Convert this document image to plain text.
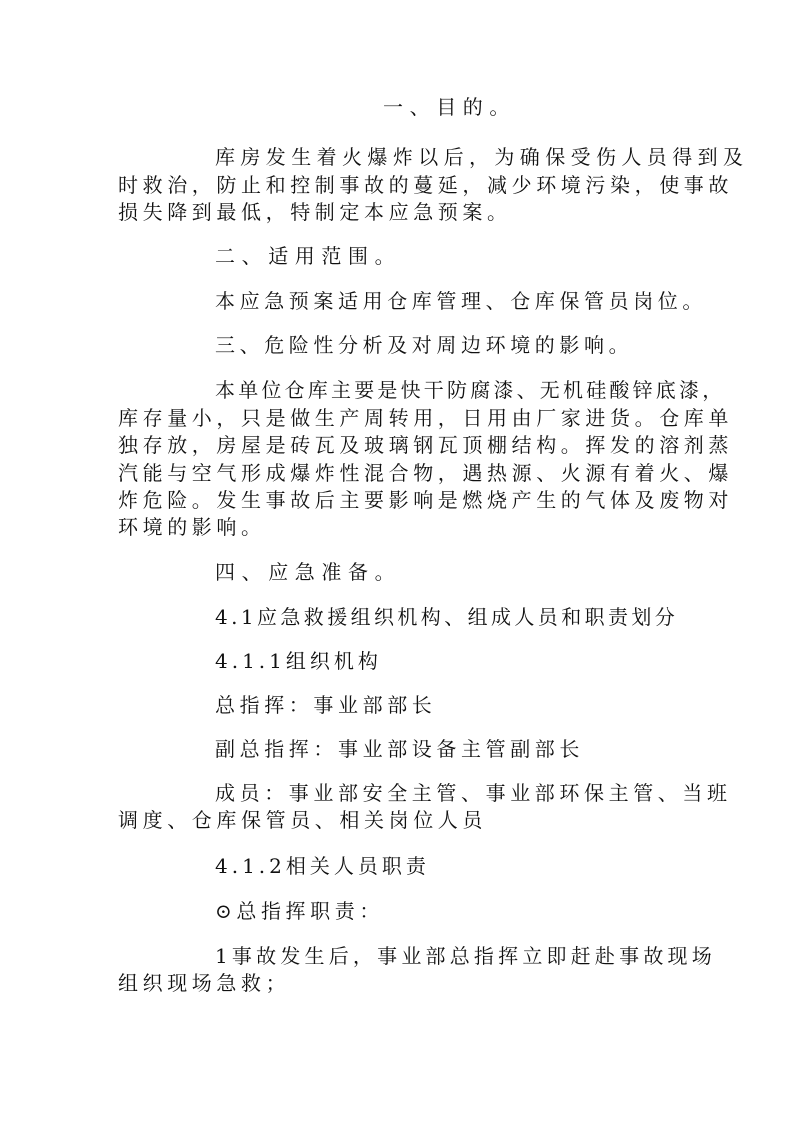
一、目的。
库房发生着火爆炸以后，为确保受伤人员得到及
时救治，防止和控制事故的蔓延，减少环境污染，使事故
损失降到最低，特制定本应急预案。
二、适用范围。
本应急预案适用仓库管理、仓库保管员岗位。
三、危险性分析及对周边环境的影响。
本单位仓库主要是快干防腐漆、无机硅酸锌底漆，
库存量小，只是做生产周转用，日用由厂家进货。仓库单
独存放，房屋是砖瓦及玻璃钢瓦顶棚结构。挥发的溶剂蒸
汽能与空气形成爆炸性混合物，遇热源、火源有着火、爆
炸危险。发生事故后主要影响是燃烧产生的气体及废物对
环境的影响。
四、应急准备。
4.1应急救援组织机构、组成人员和职责划分
4.1.1组织机构
总指挥：事业部部长
副总指挥：事业部设备主管副部长
成员：事业部安全主管、事业部环保主管、当班
调度、仓库保管员、相关岗位人员
4.1.2相关人员职责
⊙总指挥职责：
1事故发生后，事业部总指挥立即赶赴事故现场
组织现场急救；
